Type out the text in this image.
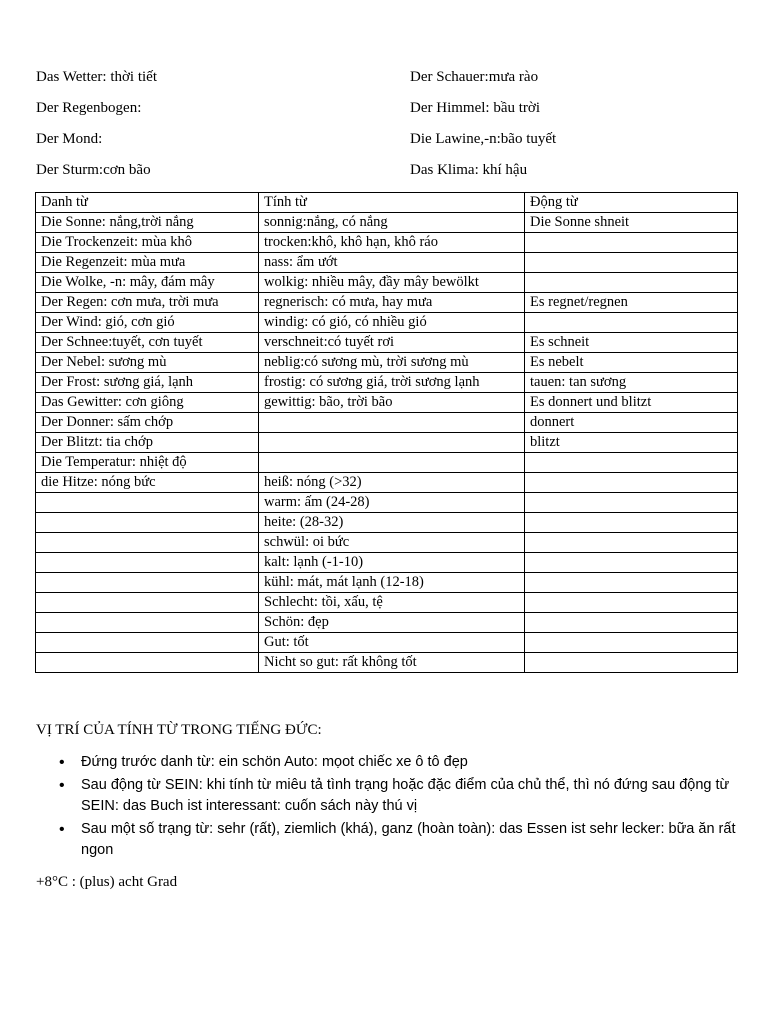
Das Wetter: thời tiết	Der Schauer:mưa rào
Der Regenbogen:	Der Himmel: bầu trời
Der Mond:	Die Lawine,-n:bão tuyết
Der Sturm:cơn bão	Das Klima: khí hậu
Danh từ	Tính từ	Động từ
Die Sonne: nắng,trời nắng	sonnig:nắng, có nắng	Die Sonne shneit
Die Trockenzeit: mùa khô	trocken:khô, khô hạn, khô ráo	
Die Regenzeit: mùa mưa	nass: ẩm ướt	
Die Wolke, -n: mây, đám mây	wolkig: nhiều mây, đầy mây bewölkt	
Der Regen: cơn mưa, trời mưa	regnerisch: có mưa, hay mưa	Es regnet/regnen
Der Wind: gió, cơn gió	windig: có gió, có nhiều gió	
Der Schnee:tuyết, cơn tuyết	verschneit:có tuyết rơi	Es schneit
Der Nebel: sương mù	neblig:có sương mù, trời sương mù	Es nebelt
Der Frost: sương giá, lạnh	frostig: có sương giá, trời sương lạnh	tauen: tan sương
Das Gewitter: cơn giông	gewittig: bão, trời bão	Es donnert und blitzt
Der Donner: sấm chớp		donnert
Der Blitzt: tia chớp		blitzt
Die Temperatur: nhiệt độ		
die Hitze: nóng bức	heiß: nóng (>32)	
	warm: ấm (24-28)	
	heite: (28-32)	
	schwül: oi bức	
	kalt: lạnh (-1-10)	
	kühl: mát, mát lạnh (12-18)	
	Schlecht: tồi, xấu, tệ	
	Schön: đẹp	
	Gut: tốt	
	Nicht so gut: rất không tốt	

VỊ TRÍ CỦA TÍNH TỪ TRONG TIẾNG ĐỨC:

• Đứng trước danh từ: ein schön Auto: mọot chiếc xe ô tô đẹp
• Sau động từ SEIN: khi tính từ miêu tả tình trạng hoặc đặc điểm của chủ thể, thì nó đứng sau động từ SEIN: das Buch ist interessant: cuốn sách này thú vị
• Sau một số trạng từ: sehr (rất), ziemlich (khá), ganz (hoàn toàn): das Essen ist sehr lecker: bữa ăn rất ngon

+8°C : (plus) acht Grad
